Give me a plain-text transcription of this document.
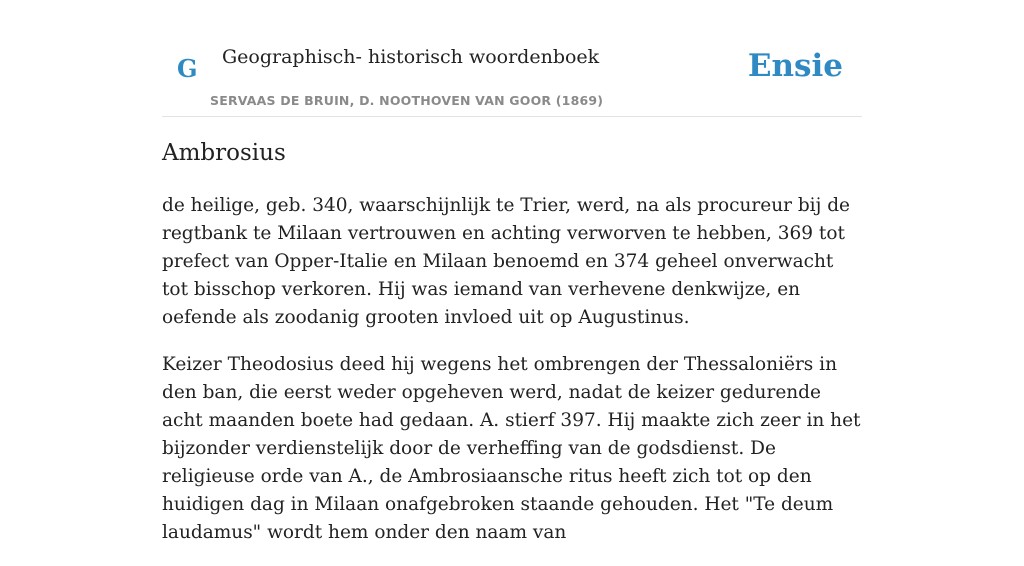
G Geographisch- historisch woordenboek
SERVAAS DE BRUIN, D. NOOTHOVEN VAN GOOR (1869)
Ensie
Ambrosius

de heilige, geb. 340, waarschijnlijk te Trier, werd, na als procureur bij de regtbank te Milaan vertrouwen en achting verworven te hebben, 369 tot prefect van Opper-Italie en Milaan benoemd en 374 geheel onverwacht tot bisschop verkoren. Hij was iemand van verhevene denkwijze, en oefende als zoodanig grooten invloed uit op Augustinus.

Keizer Theodosius deed hij wegens het ombrengen der Thessaloniërs in den ban, die eerst weder opgeheven werd, nadat de keizer gedurende acht maanden boete had gedaan. A. stierf 397. Hij maakte zich zeer in het bijzonder verdienstelijk door de verheffing van de godsdienst. De religieuse orde van A., de Ambrosiaansche ritus heeft zich tot op den huidigen dag in Milaan onafgebroken staande gehouden. Het "Te deum laudamus" wordt hem onder den naam van
